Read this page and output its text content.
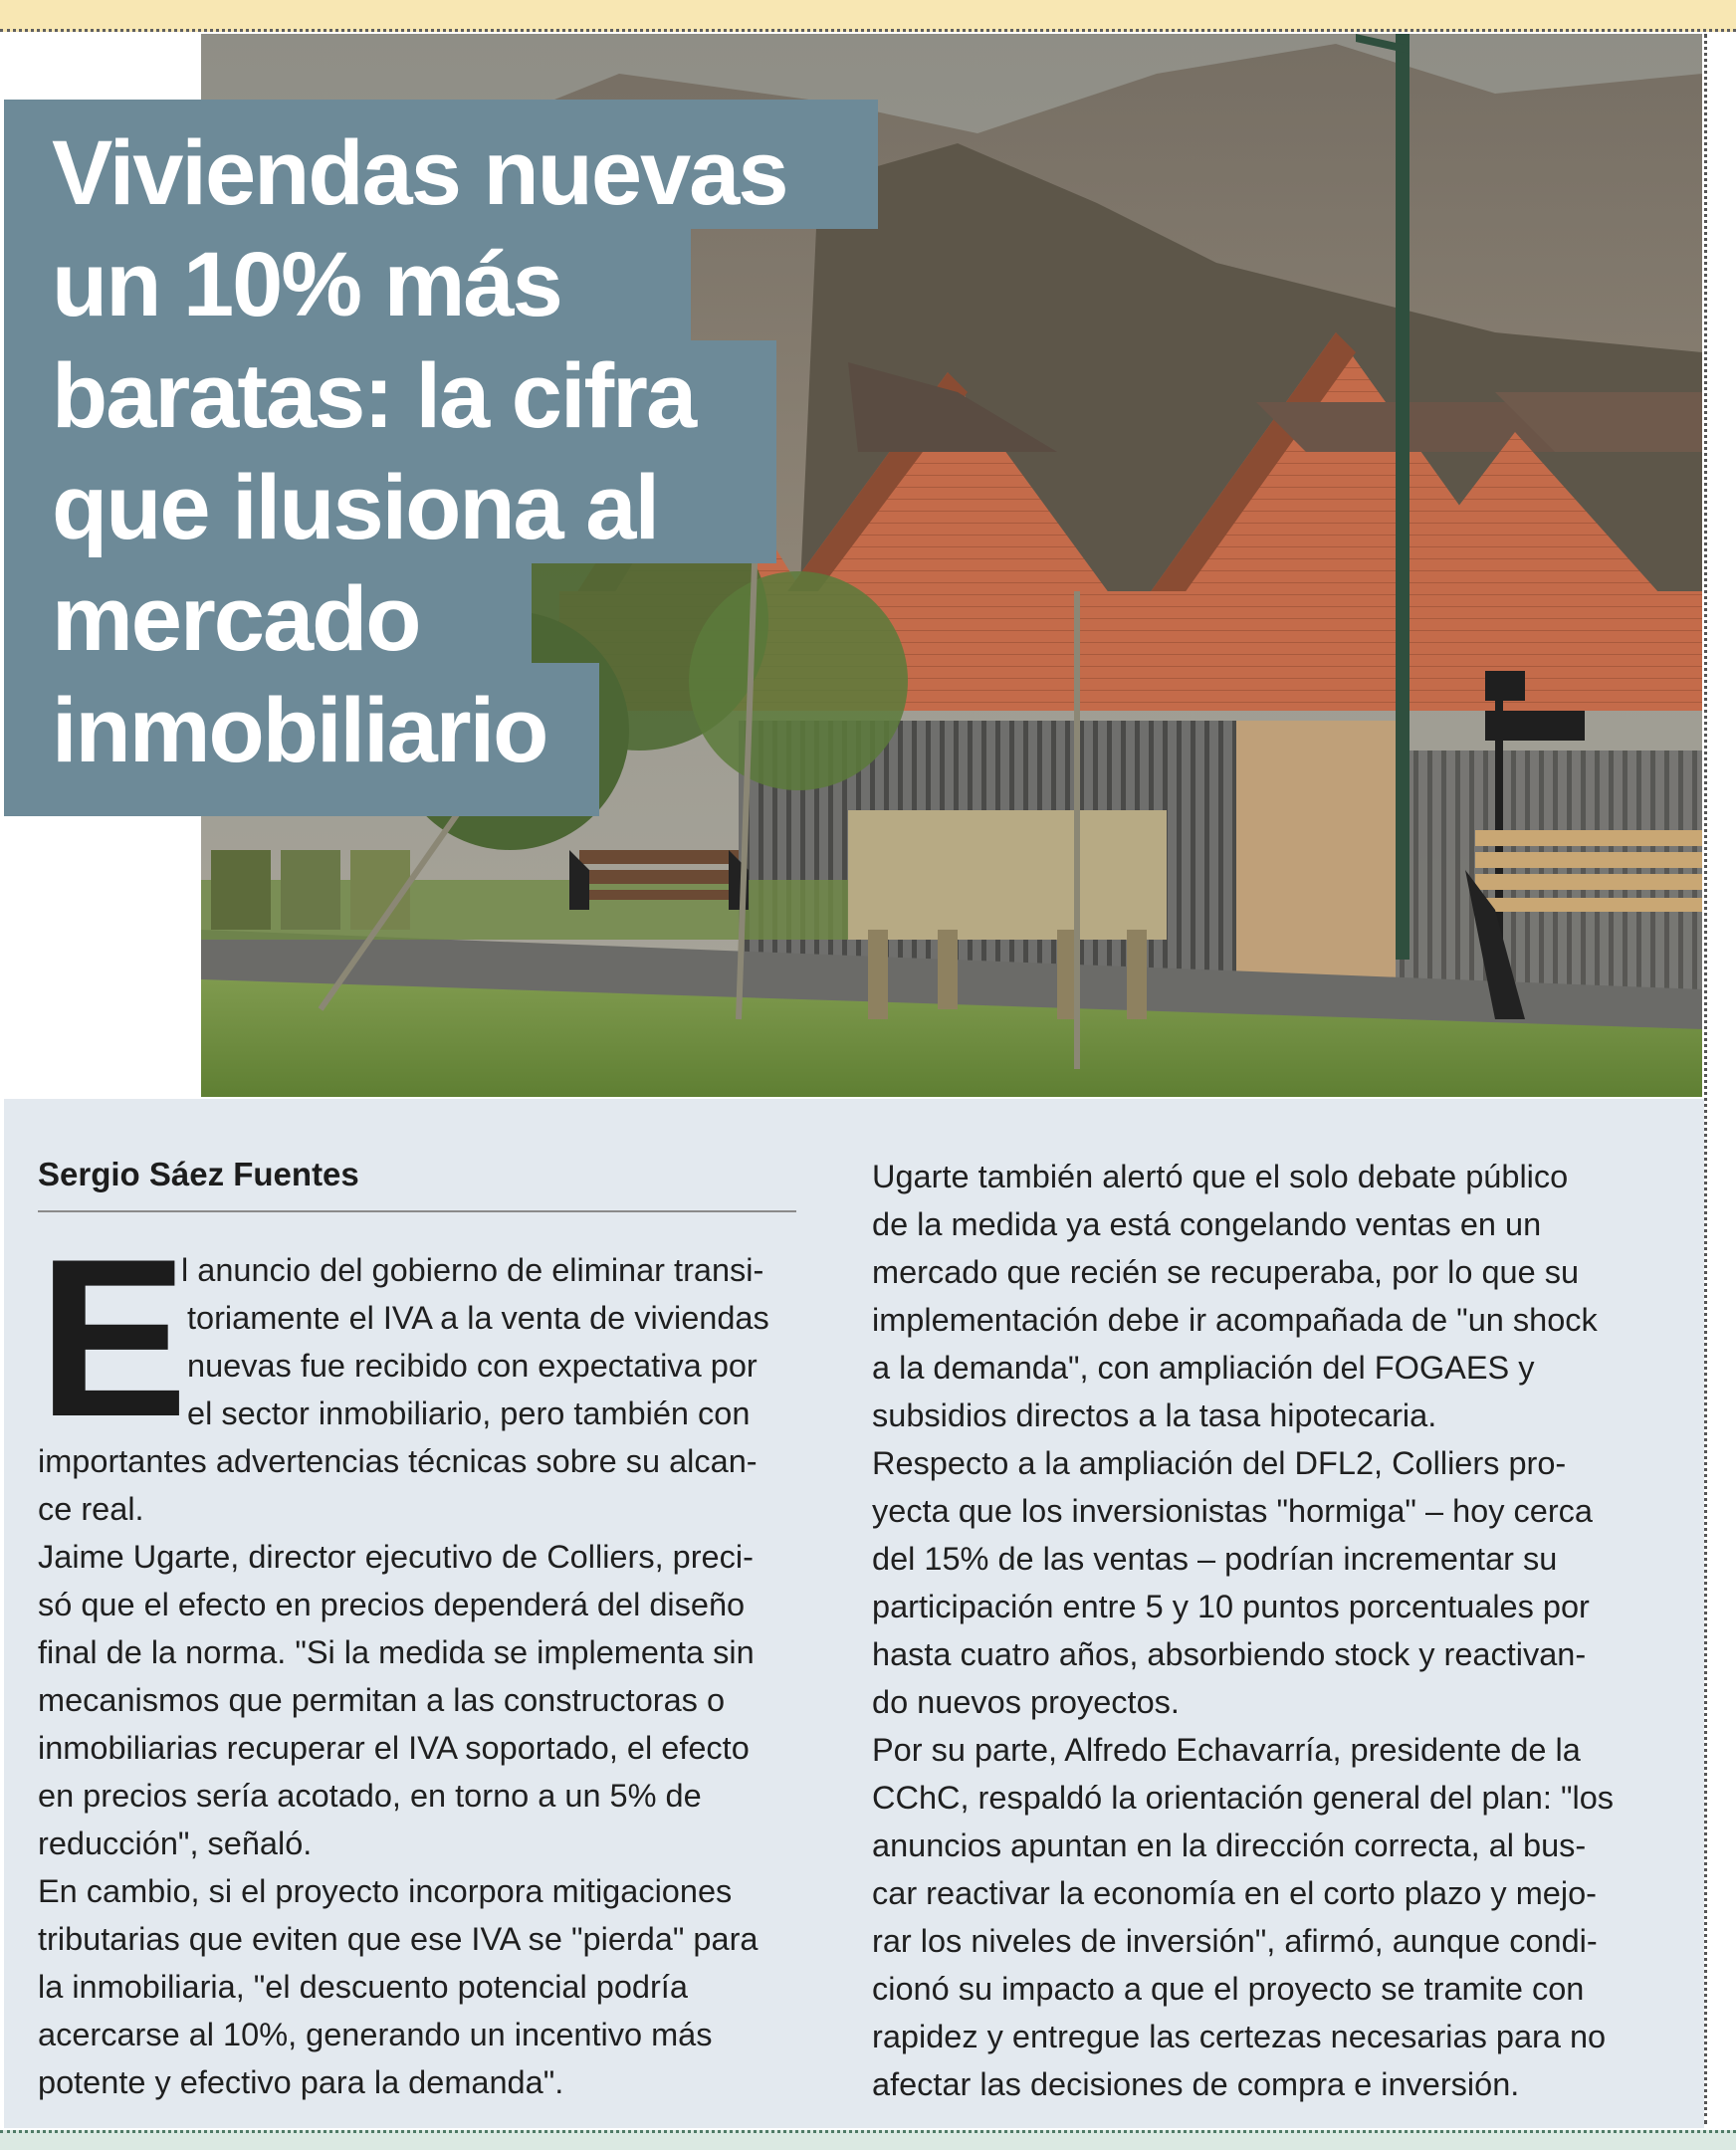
Viviendas nuevas
un 10% más
baratas: la cifra
que ilusiona al
mercado
inmobiliario

Sergio Sáez Fuentes

E
l anuncio del gobierno de eliminar transi-
toriamente el IVA a la venta de viviendas
nuevas fue recibido con expectativa por
el sector inmobiliario, pero también con
importantes advertencias técnicas sobre su alcan-
ce real.
Jaime Ugarte, director ejecutivo de Colliers, preci-
só que el efecto en precios dependerá del diseño
final de la norma. "Si la medida se implementa sin
mecanismos que permitan a las constructoras o
inmobiliarias recuperar el IVA soportado, el efecto
en precios sería acotado, en torno a un 5% de
reducción", señaló.
En cambio, si el proyecto incorpora mitigaciones
tributarias que eviten que ese IVA se "pierda" para
la inmobiliaria, "el descuento potencial podría
acercarse al 10%, generando un incentivo más
potente y efectivo para la demanda".
Ugarte también alertó que el solo debate público
de la medida ya está congelando ventas en un
mercado que recién se recuperaba, por lo que su
implementación debe ir acompañada de "un shock
a la demanda", con ampliación del FOGAES y
subsidios directos a la tasa hipotecaria.
Respecto a la ampliación del DFL2, Colliers pro-
yecta que los inversionistas "hormiga" – hoy cerca
del 15% de las ventas – podrían incrementar su
participación entre 5 y 10 puntos porcentuales por
hasta cuatro años, absorbiendo stock y reactivan-
do nuevos proyectos.
Por su parte, Alfredo Echavarría, presidente de la
CChC, respaldó la orientación general del plan: "los
anuncios apuntan en la dirección correcta, al bus-
car reactivar la economía en el corto plazo y mejo-
rar los niveles de inversión", afirmó, aunque condi-
cionó su impacto a que el proyecto se tramite con
rapidez y entregue las certezas necesarias para no
afectar las decisiones de compra e inversión.
